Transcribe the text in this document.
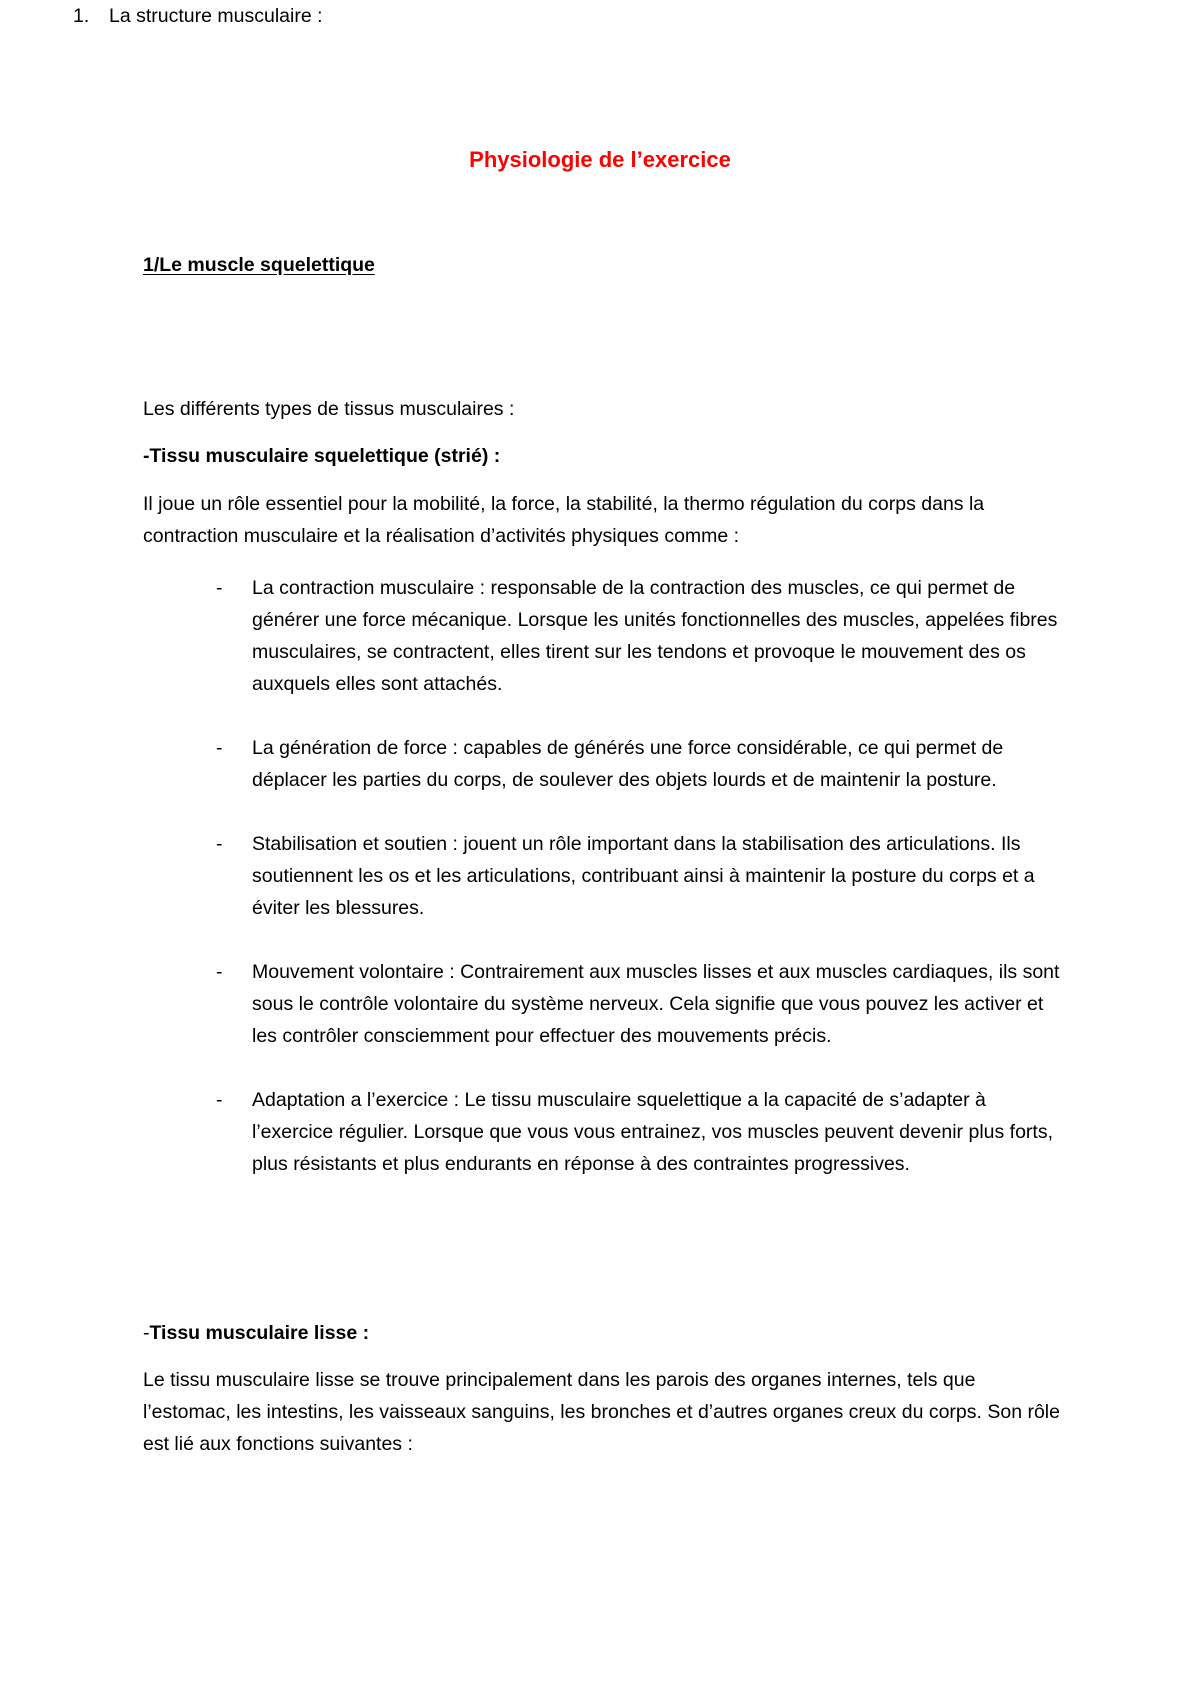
Physiologie de l’exercice
1/Le muscle squelettique
1. La structure musculaire :
Les différents types de tissus musculaires :
-Tissu musculaire squelettique (strié) :
Il joue un rôle essentiel pour la mobilité, la force, la stabilité, la thermo régulation du corps dans la contraction musculaire et la réalisation d’activités physiques comme :
- La contraction musculaire : responsable de la contraction des muscles, ce qui permet de générer une force mécanique. Lorsque les unités fonctionnelles des muscles, appelées fibres musculaires, se contractent, elles tirent sur les tendons et provoque le mouvement des os auxquels elles sont attachés.
- La génération de force : capables de générés une force considérable, ce qui permet de déplacer les parties du corps, de soulever des objets lourds et de maintenir la posture.
- Stabilisation et soutien : jouent un rôle important dans la stabilisation des articulations. Ils soutiennent les os et les articulations, contribuant ainsi à maintenir la posture du corps et a éviter les blessures.
- Mouvement volontaire : Contrairement aux muscles lisses et aux muscles cardiaques, ils sont sous le contrôle volontaire du système nerveux. Cela signifie que vous pouvez les activer et les contrôler consciemment pour effectuer des mouvements précis.
- Adaptation a l’exercice : Le tissu musculaire squelettique a la capacité de s’adapter à l’exercice régulier. Lorsque que vous vous entrainez, vos muscles peuvent devenir plus forts, plus résistants et plus endurants en réponse à des contraintes progressives.
-Tissu musculaire lisse :
Le tissu musculaire lisse se trouve principalement dans les parois des organes internes, tels que l’estomac, les intestins, les vaisseaux sanguins, les bronches et d’autres organes creux du corps. Son rôle est lié aux fonctions suivantes :
